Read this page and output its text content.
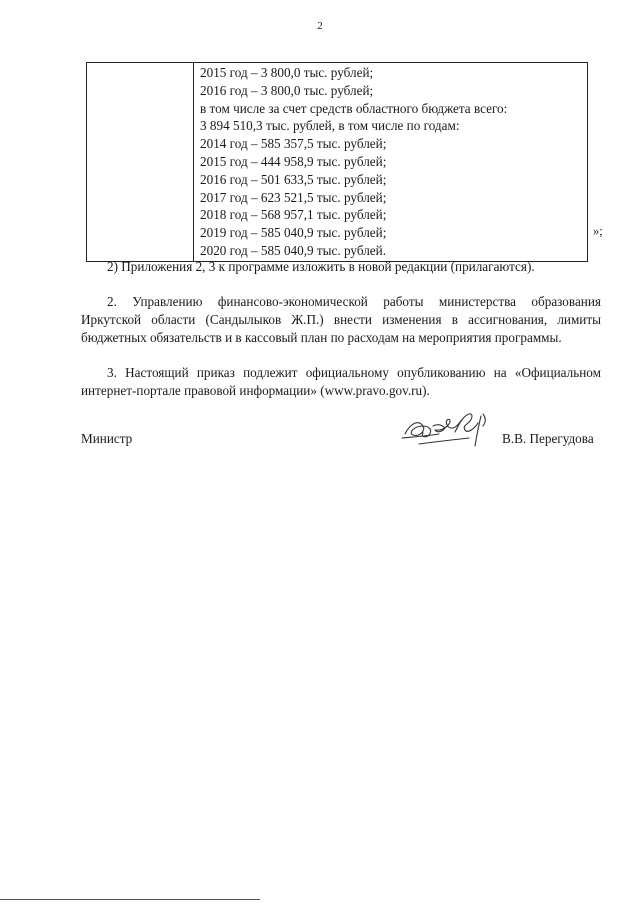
2

2015 год – 3 800,0 тыс. рублей;
2016 год – 3 800,0 тыс. рублей;
в том числе за счет средств областного бюджета всего:
3 894 510,3 тыс. рублей, в том числе по годам:
2014 год – 585 357,5 тыс. рублей;
2015 год – 444 958,9 тыс. рублей;
2016 год – 501 633,5 тыс. рублей;
2017 год – 623 521,5 тыс. рублей;
2018 год – 568 957,1 тыс. рублей;
2019 год – 585 040,9 тыс. рублей;
2020 год – 585 040,9 тыс. рублей.
»;

2) Приложения 2, 3 к программе изложить в новой редакции (прилагаются).

2. Управлению финансово-экономической работы министерства образования Иркутской области (Сандылыков Ж.П.) внести изменения в ассигнования, лимиты бюджетных обязательств и в кассовый план по расходам на мероприятия программы.

3. Настоящий приказ подлежит официальному опубликованию на «Официальном интернет-портале правовой информации» (www.pravo.gov.ru).

Министр	В.В. Перегудова
